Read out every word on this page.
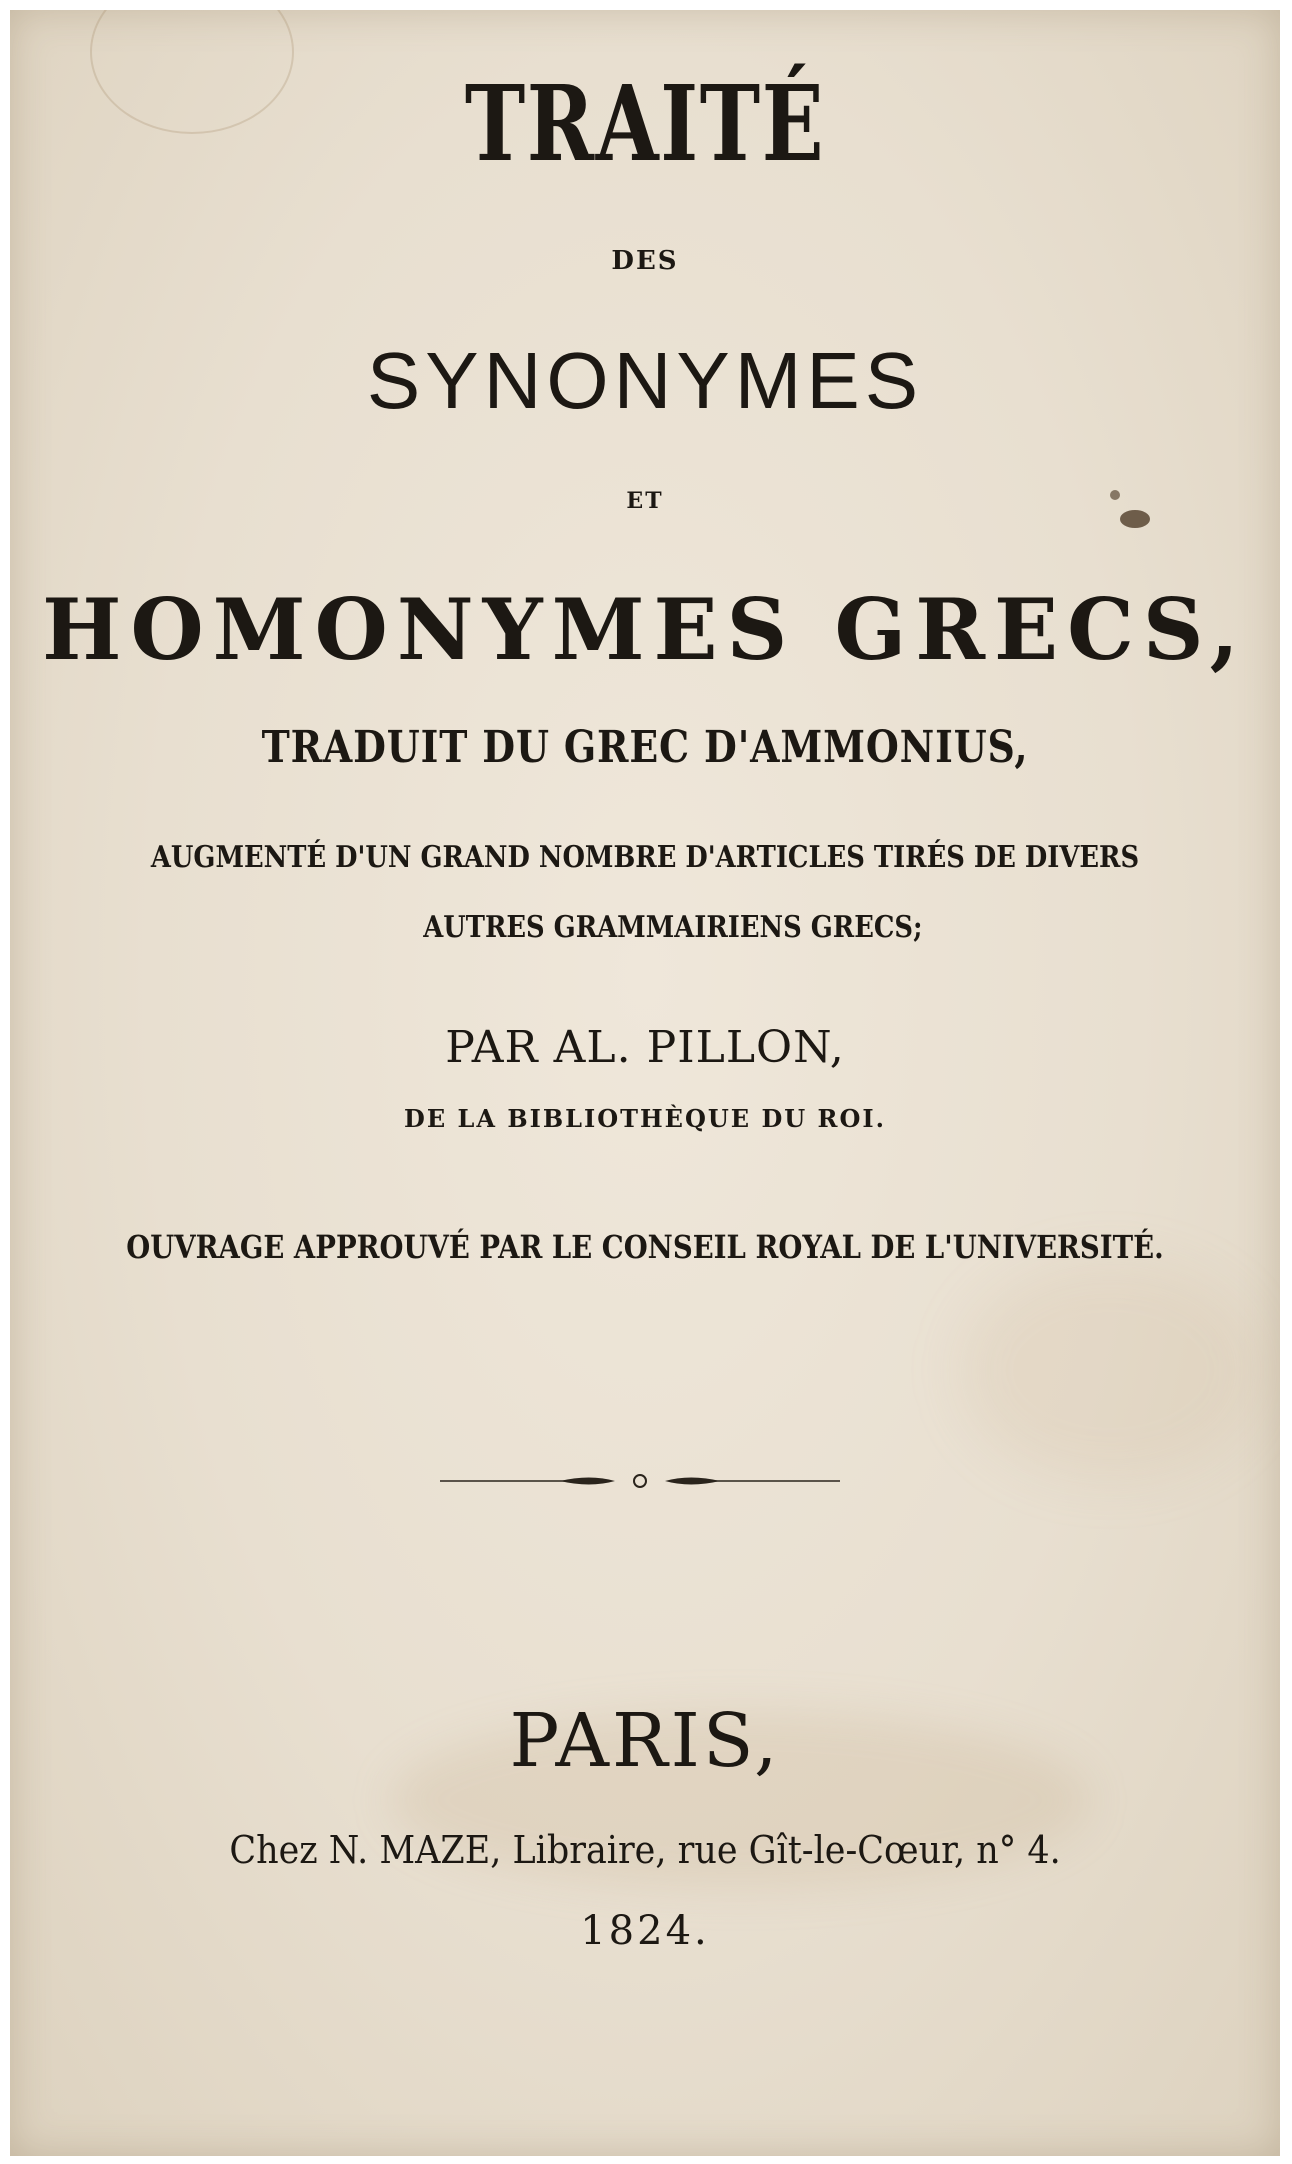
TRAITÉ
DES
SYNONYMES
ET
HOMONYMES GRECS,
TRADUIT DU GREC D'AMMONIUS,
AUGMENTÉ D'UN GRAND NOMBRE D'ARTICLES TIRÉS DE DIVERS
AUTRES GRAMMAIRIENS GRECS;
PAR AL. PILLON,
DE LA BIBLIOTHÈQUE DU ROI.
OUVRAGE APPROUVÉ PAR LE CONSEIL ROYAL DE L'UNIVERSITÉ.
PARIS,
Chez N. MAZE, Libraire, rue Gît-le-Cœur, n° 4.
1824.
